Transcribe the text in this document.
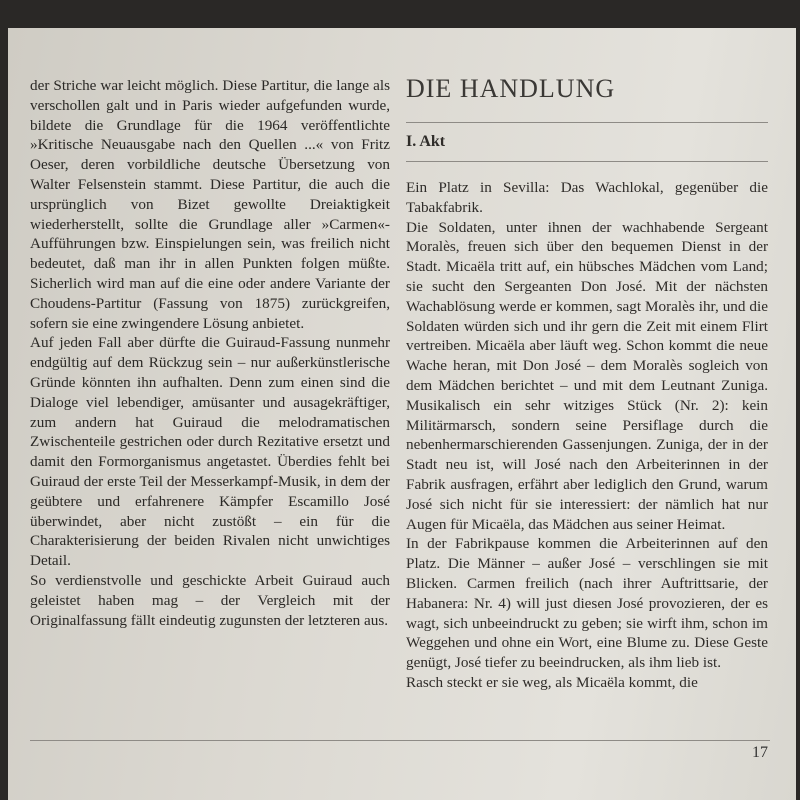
der Striche war leicht möglich. Diese Partitur, die lange als verschollen galt und in Paris wieder aufgefunden wurde, bildete die Grundlage für die 1964 veröffentlichte »Kritische Neuausgabe nach den Quellen ...« von Fritz Oeser, deren vorbildliche deutsche Übersetzung von Walter Felsenstein stammt. Diese Partitur, die auch die ursprünglich von Bizet gewollte Dreiaktigkeit wiederherstellt, sollte die Grundlage aller »Carmen«-Aufführungen bzw. Einspielungen sein, was freilich nicht bedeutet, daß man ihr in allen Punkten folgen müßte. Sicherlich wird man auf die eine oder andere Variante der Choudens-Partitur (Fassung von 1875) zurückgreifen, sofern sie eine zwingendere Lösung anbietet.

Auf jeden Fall aber dürfte die Guiraud-Fassung nunmehr endgültig auf dem Rückzug sein – nur außerkünstlerische Gründe könnten ihn aufhalten. Denn zum einen sind die Dialoge viel lebendiger, amüsanter und ausagekräftiger, zum andern hat Guiraud die melodramatischen Zwischenteile gestrichen oder durch Rezitative ersetzt und damit den Formorganismus angetastet. Überdies fehlt bei Guiraud der erste Teil der Messerkampf-Musik, in dem der geübtere und erfahrenere Kämpfer Escamillo José überwindet, aber nicht zustößt – ein für die Charakterisierung der beiden Rivalen nicht unwichtiges Detail.

So verdienstvolle und geschickte Arbeit Guiraud auch geleistet haben mag – der Vergleich mit der Originalfassung fällt eindeutig zugunsten der letzteren aus.

DIE HANDLUNG
I. Akt

Ein Platz in Sevilla: Das Wachlokal, gegenüber die Tabakfabrik.

Die Soldaten, unter ihnen der wachhabende Sergeant Moralès, freuen sich über den bequemen Dienst in der Stadt. Micaëla tritt auf, ein hübsches Mädchen vom Land; sie sucht den Sergeanten Don José. Mit der nächsten Wachablösung werde er kommen, sagt Moralès ihr, und die Soldaten würden sich und ihr gern die Zeit mit einem Flirt vertreiben. Micaëla aber läuft weg. Schon kommt die neue Wache heran, mit Don José – dem Moralès sogleich von dem Mädchen berichtet – und mit dem Leutnant Zuniga. Musikalisch ein sehr witziges Stück (Nr. 2): kein Militärmarsch, sondern seine Persiflage durch die nebenhermarschierenden Gassenjungen. Zuniga, der in der Stadt neu ist, will José nach den Arbeiterinnen in der Fabrik ausfragen, erfährt aber lediglich den Grund, warum José sich nicht für sie interessiert: der nämlich hat nur Augen für Micaëla, das Mädchen aus seiner Heimat.

In der Fabrikpause kommen die Arbeiterinnen auf den Platz. Die Männer – außer José – verschlingen sie mit Blicken. Carmen freilich (nach ihrer Auftrittsarie, der Habanera: Nr. 4) will just diesen José provozieren, der es wagt, sich unbeeindruckt zu geben; sie wirft ihm, schon im Weggehen und ohne ein Wort, eine Blume zu. Diese Geste genügt, José tiefer zu beeindrucken, als ihm lieb ist.

Rasch steckt er sie weg, als Micaëla kommt, die

17
